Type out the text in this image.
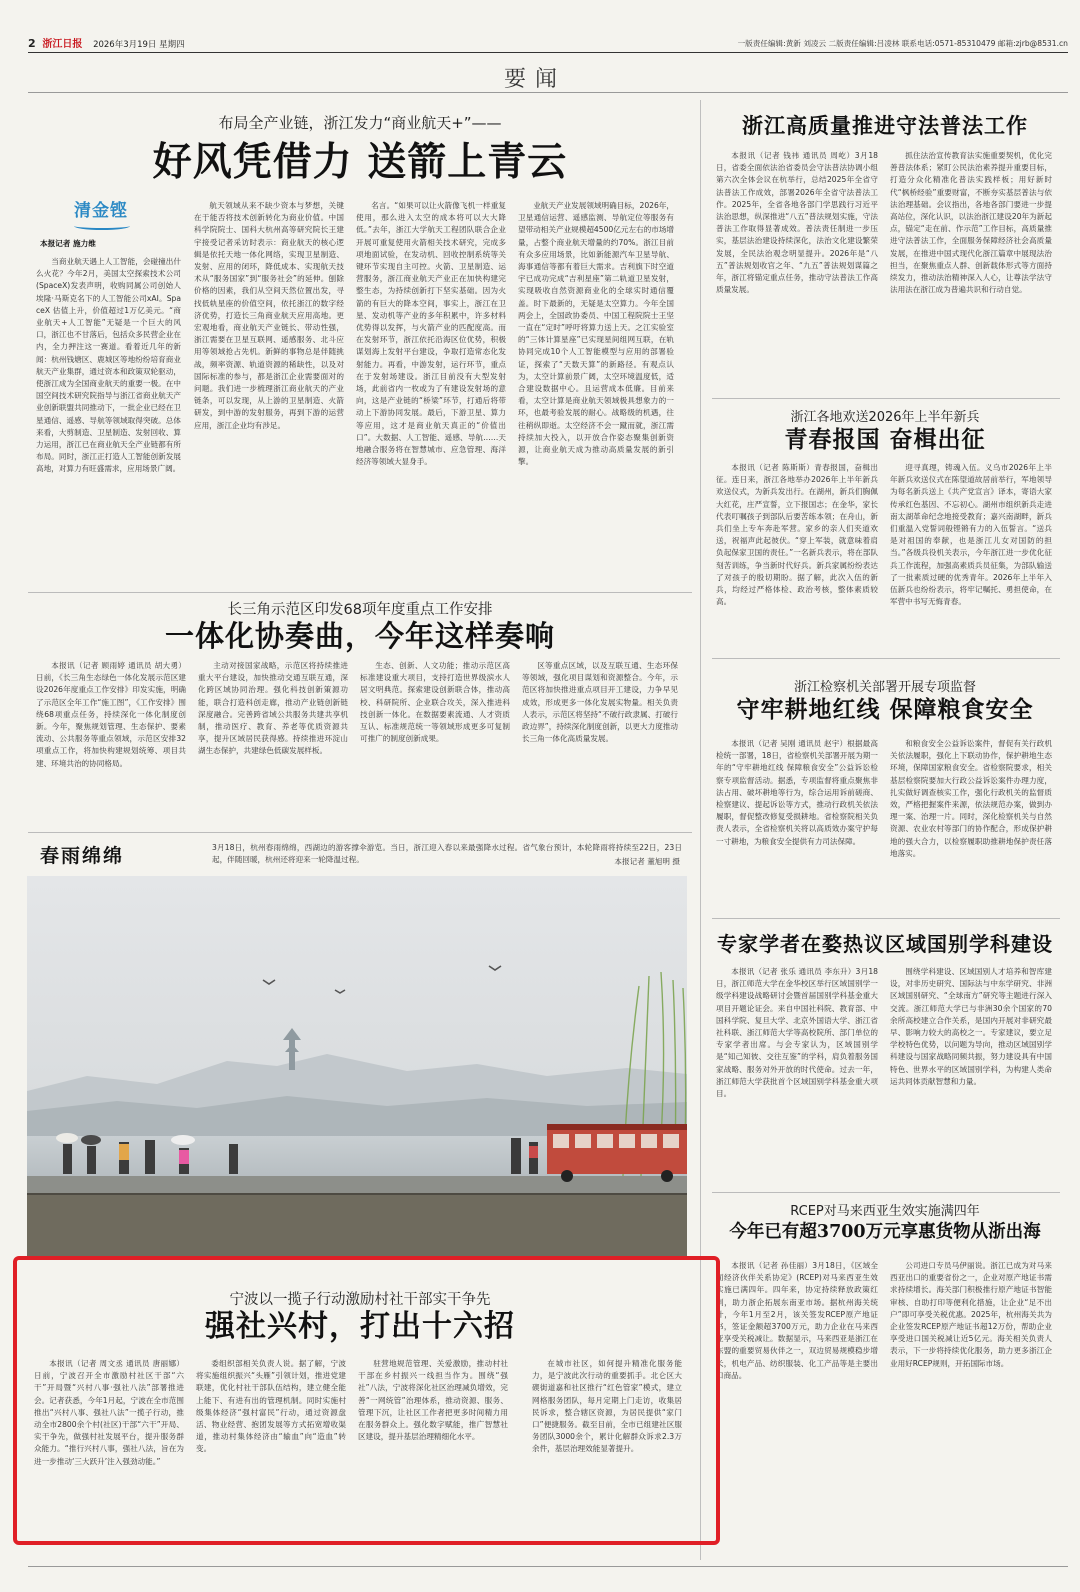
2 浙江日报 2026年3月19日 星期四	一版责任编辑:黄新 刘凌云 二版责任编辑:吕凌林 联系电话:0571-85310479 邮箱:zjrb@8531.cn
要闻
布局全产业链，浙江发力“商业航天+”——
好风凭借力 送箭上青云
清金铿
本报记者 施力维

当商业航天遇上人工智能，会碰撞出什么火花？今年2月，美国太空探索技术公司(SpaceX)发表声明，收购同属公司创始人埃隆·马斯克名下的人工智能公司xAI。SpaceX 估值上升，价值超过1万亿美元。“商业航天+人工智能”无疑是一个巨大的风口，浙江也不甘落后，包括众多民营企业在内，全力押注这一赛道。看着近几年的新闻：杭州钱塘区、鹿城区等地纷纷培育商业航天产业集群，通过资本和政策双轮驱动，使浙江成为全国商业航天的重要一极。在中国空间技术研究院指导与浙江省商业航天产业创新联盟共同推动下，一批企业已经在卫星通信、遥感、导航等领域取得突破。总体来看，大剪制造、卫星制造、发射回收、算力运用，浙江已在商业航天全产业链都有所布局。同时，浙江正打造人工智能创新发展高地，对算力有旺盛需求，应用场景广阔。

航天领域从来不缺少资本与梦想，关键在于能否将技术创新转化为商业价值。中国科学院院士、国科大杭州高等研究院长王建宇接受记者采访时表示：商业航天的核心逻辑是依托天地一体化网络，实现卫星制造、发射、应用的闭环，降低成本、实现航天技术从“服务国家”到“服务社会”的延伸。刨除价格的因素，我们从空间天然位置出发，寻找低轨星座的价值空间，依托浙江的数字经济优势，打造长三角商业航天应用高地。更宏观地看，商业航天产业链长、带动性强，浙江需要在卫星互联网、遥感服务、北斗应用等领域抢占先机。新鲜的事物总是伴随挑战，频率资源、轨道资源的稀缺性，以及对国际标准的参与，都是浙江企业需要面对的问题。我们进一步梳理浙江商业航天的产业链条，可以发现，从上游的卫星制造、火箭研发，到中游的发射服务，再到下游的运营应用，浙江企业均有涉足。

名言。“如果可以让火箭像飞机一样重复使用，那么进入太空的成本将可以大大降低。”去年，浙江大学航天工程团队联合企业开展可重复使用火箭相关技术研究，完成多项地面试验，在发动机、回收控制系统等关键环节实现自主可控。火箭、卫星制造、运营服务，浙江商业航天产业正在加快构建完整生态，为持续创新打下坚实基础。因为火箭的有巨大的降本空间，事实上，浙江在卫星、发动机等产业的多年积累中，许多材料优势得以发挥，与火箭产业的匹配度高。而在发射环节，浙江依托沿海区位优势，积极谋划海上发射平台建设，争取打造常态化发射能力。再看，中游发射，运行环节，重点在于发射场建设。浙江目前没有大型发射场，此前省内一枚或为了有建设发射场的意向，这是产业链的“桥梁”环节，打通后将带动上下游协同发展。最后，下游卫星、算力等应用，这才是商业航天真正的“价值出口”。大数据、人工智能、遥感、导航……天地融合服务将在智慧城市、应急管理、海洋经济等领域大显身手。

业航天产业发展领域明确目标，2026年，卫星通信运营、遥感监测、导航定位等服务有望带动相关产业规模超4500亿元左右的市场增量，占整个商业航天增量的约70%。浙江目前有众多应用场景，比如新能源汽车卫星导航、海事通信等都有着巨大需求。吉利旗下时空道宇已成功完成“吉利星座”第二轨道卫星发射，实现吸收自然资源商业化的全球实时通信覆盖。时下最新的，无疑是太空算力。今年全国两会上，全国政协委员、中国工程院院士王坚一直在“定时”呼吁将算力送上天。之江实验室的“三体计算星座”已实现星间组网互联，在轨协同完成10个人工智能模型与应用的部署验证，探索了“天数天算”的新路径。有观点认为，太空计算前景广阔，太空环境温度低，适合建设数据中心。且运营成本低廉。目前来看，太空计算是商业航天领域极具想象力的一环，也最考验发展的耐心。战略级的机遇，往往稍纵即逝。太空经济不会一蹴而就，浙江需持续加大投入，以开放合作姿态聚集创新资源，让商业航天成为推动高质量发展的新引擎。

浙江高质量推进守法普法工作

本报讯（记者 钱祎 通讯员 周屹）3月18日，省委全面依法治省委员会守法普法协调小组第六次全体会议在杭举行，总结2025年全省守法普法工作成效，部署2026年全省守法普法工作。2025年，全省各地各部门学思践行习近平法治思想，纵深推进“八五”普法规划实施，守法普法工作取得显著成效。普法责任制进一步压实，基层法治建设持续深化，法治文化建设繁荣发展，全民法治观念明显提升。2026年是“八五”普法规划收官之年、“九五”普法规划谋篇之年，浙江将锚定重点任务，推动守法普法工作高质量发展。

抓住法治宣传教育法实施重要契机，优化完善普法体系；紧盯公民法治素养提升重要目标，打造分众化精准化普法实践样板；用好新时代“枫桥经验”重要财富，不断夯实基层普法与依法治理基础。会议指出，各地各部门要进一步提高站位，深化认识，以法治浙江建设20年为新起点，锚定“走在前、作示范”工作目标，高质量推进守法普法工作，全面服务保障经济社会高质量发展，在推进中国式现代化浙江篇章中展现法治担当，在聚焦重点人群、创新载体形式等方面持续发力，推动法治精神深入人心，让尊法学法守法用法在浙江成为普遍共识和行动自觉。

浙江各地欢送2026年上半年新兵
青春报国 奋楫出征

本报讯（记者 陈斯斯）青春报国，奋楫出征。连日来，浙江各地举办2026年上半年新兵欢送仪式，为新兵发出行。在湖州，新兵们胸佩大红花，庄严宣誓，立下报国志；在金华，家长代表叮嘱孩子到部队后要苦练本领；在舟山，新兵们坐上专车奔赴军营。家乡的亲人们夹道欢送，祝福声此起彼伏。“穿上军装，就意味着肩负起保家卫国的责任。”一名新兵表示，将在部队刻苦训练，争当新时代好兵。新兵家属纷纷表达了对孩子的殷切期盼。据了解，此次入伍的新兵，均经过严格体检、政治考核，整体素质较高。

迎寻真理，铸魂入伍。义乌市2026年上半年新兵欢送仪式在陈望道故居前举行，军地领导为每名新兵送上《共产党宣言》译本，寄语大家传承红色基因、不忘初心。湖州市组织新兵走进南太湖革命纪念地接受教育；嘉兴南湖畔，新兵们重温入党誓词般铿锵有力的入伍誓言。“送兵是对祖国的奉献，也是浙江儿女对国防的担当。”各级兵役机关表示，今年浙江进一步优化征兵工作流程，加强高素质兵员征集，为部队输送了一批素质过硬的优秀青年。2026年上半年入伍新兵也纷纷表示，将牢记嘱托、勇担使命，在军营中书写无悔青春。

浙江检察机关部署开展专项监督
守牢耕地红线 保障粮食安全

本报讯（记者 吴刚 通讯员 赵宇）根据最高检统一部署，18日，省检察机关部署开展为期一年的“守牢耕地红线 保障粮食安全”公益诉讼检察专项监督活动。据悉，专项监督将重点聚焦非法占用、破坏耕地等行为，综合运用诉前磋商、检察建议、提起诉讼等方式，推动行政机关依法履职，督促整改修复受损耕地。省检察院相关负责人表示，全省检察机关将以高质效办案守护每一寸耕地，为粮食安全提供有力司法保障。

和粮食安全公益诉讼案件，督促有关行政机关依法履职，强化上下联动协作，保护耕地生态环境，保障国家粮食安全。省检察院要求，相关基层检察院要加大行政公益诉讼案件办理力度，扎实做好调查核实工作，强化行政机关的监督质效，严格把握案件来源，依法规范办案，做到办理一案、治理一片。同时，深化检察机关与自然资源、农业农村等部门的协作配合，形成保护耕地的强大合力，以检察履职助推耕地保护责任落地落实。

专家学者在婺热议区域国别学科建设

本报讯（记者 张乐 通讯员 李东升）3月18日，浙江师范大学在金华校区举行区域国别学一级学科建设战略研讨会暨首届国别学科基金重大项目开题论证会。来自中国社科院、教育部、中国科学院、复旦大学、北京外国语大学、浙江省社科联、浙江师范大学等高校院所、部门单位的专家学者出席。与会专家认为，区域国别学是“知己知彼、交往互鉴”的学科，肩负着服务国家战略、服务对外开放的时代使命。过去一年，浙江师范大学获批首个区域国别学科基金重大项目。

围绕学科建设、区域国别人才培养和智库建设，对非历史研究、国际法与中东学研究、非洲区域国别研究、“全球南方”研究等主题进行深入交流。浙江师范大学已与非洲30余个国家的70余所高校建立合作关系，是国内开展对非研究最早、影响力较大的高校之一。专家建议，要立足学校特色优势，以问题为导向，推动区域国别学科建设与国家战略同频共振，努力建设具有中国特色、世界水平的区域国别学科，为构建人类命运共同体贡献智慧和力量。

RCEP对马来西亚生效实施满四年
今年已有超3700万元享惠货物从浙出海

本报讯（记者 孙佳丽）3月18日，《区域全面经济伙伴关系协定》(RCEP)对马来西亚生效实施已满四年。四年来，协定持续释放政策红利，助力浙企拓展东南亚市场。据杭州海关统计，今年1月至2月，该关签发RCEP原产地证书，签证金额超3700万元，助力企业在马来西亚享受关税减让。数据显示，马来西亚是浙江在东盟的重要贸易伙伴之一，双边贸易规模稳步增长，机电产品、纺织服装、化工产品等是主要出口商品。

公司进口专员马伊丽说。浙江已成为对马来西亚出口的重要省份之一，企业对原产地证书需求持续增长。海关部门积极推行原产地证书智能审核、自助打印等便利化措施，让企业“足不出户”即可享受关税优惠。2025年，杭州海关共为企业签发RCEP原产地证书超12万份，帮助企业享受进口国关税减让近5亿元。海关相关负责人表示，下一步将持续优化服务，助力更多浙江企业用好RCEP规则，开拓国际市场。

长三角示范区印发68项年度重点工作安排
一体化协奏曲，今年这样奏响

本报讯（记者 顾雨婷 通讯员 胡大勇）日前，《长三角生态绿色一体化发展示范区建设2026年度重点工作安排》印发实施，明确了示范区全年工作“施工图”，《工作安排》围绕68项重点任务，持续深化一体化制度创新。今年，聚焦规划管理、生态保护、要素流动、公共服务等重点领域，示范区安排32项重点工作，将加快构建规划统筹、项目共建、环境共治的协同格局。

主动对接国家战略，示范区将持续推进重大平台建设，加快推动交通互联互通，深化跨区域协同治理。强化科技创新策源功能，联合打造科创走廊，推动产业链创新链深度融合。完善跨省域公共服务共建共享机制，推动医疗、教育、养老等优质资源共享，提升区域居民获得感。持续推进环淀山湖生态保护，共建绿色低碳发展样板。

生态、创新、人文功能；推动示范区高标准建设重大项目，支持打造世界级滨水人居文明典范。探索建设创新联合体，推动高校、科研院所、企业联合攻关，深入推进科技创新一体化。在数据要素流通、人才资质互认、标准规范统一等领域形成更多可复制可推广的制度创新成果。

区等重点区域，以及互联互通、生态环保等领域，强化项目谋划和资源整合。今年，示范区将加快推进重点项目开工建设，力争早见成效，形成更多一体化发展实物量。相关负责人表示，示范区将坚持“不破行政隶属、打破行政边界”，持续深化制度创新，以更大力度推动长三角一体化高质量发展。

春雨绵绵	3月18日，杭州春雨绵绵，西湖边的游客撑伞游览。当日，浙江迎入春以来最强降水过程。省气象台预计，本轮降雨将持续至22日，23日起，伴随回暖，杭州还将迎来一轮降温过程。	本报记者 董旭明 摄
宁波以一揽子行动激励村社干部实干争先
强社兴村，打出十六招

本报讯（记者 周文丞 通讯员 唐丽娜）日前，宁波召开全市激励村社区干部“六干”开局暨“兴村八事·强社八法”部署推进会。记者获悉，今年1月起，宁波在全市范围推出“兴村八事、强社八法”一揽子行动，推动全市2800余个村(社区)干部“六干”开局、实干争先，做强村社发展平台，提升服务群众能力。“推行兴村八事，强社八法，旨在为进一步推动‘三大跃升’注入强劲动能。”

委组织部相关负责人说。据了解，宁波将实施组织振兴“头雁”引领计划，推进党建联建，优化村社干部队伍结构，建立健全能上能下、有进有出的管理机制。同时实施村级集体经济“强村富民”行动，通过资源盘活、物业经营、抱团发展等方式拓宽增收渠道，推动村集体经济由“输血”向“造血”转变。

驻营地规范管理、关爱激励，推动村社干部在乡村振兴一线担当作为。围绕“强社”八法，宁波将深化社区治理减负增效，完善“一网统管”治理体系，推动资源、服务、管理下沉，让社区工作者把更多时间精力用在服务群众上。强化数字赋能，推广智慧社区建设，提升基层治理精细化水平。

在城市社区，如何提升精准化服务能力，是宁波此次行动的重要抓手。北仑区大碶街道嘉和社区推行“红色管家”模式，建立网格服务团队，每月定期上门走访，收集居民诉求，整合辖区资源，为居民提供“家门口”便捷服务。截至目前，全市已组建社区服务团队3000余个，累计化解群众诉求2.3万余件，基层治理效能显著提升。
